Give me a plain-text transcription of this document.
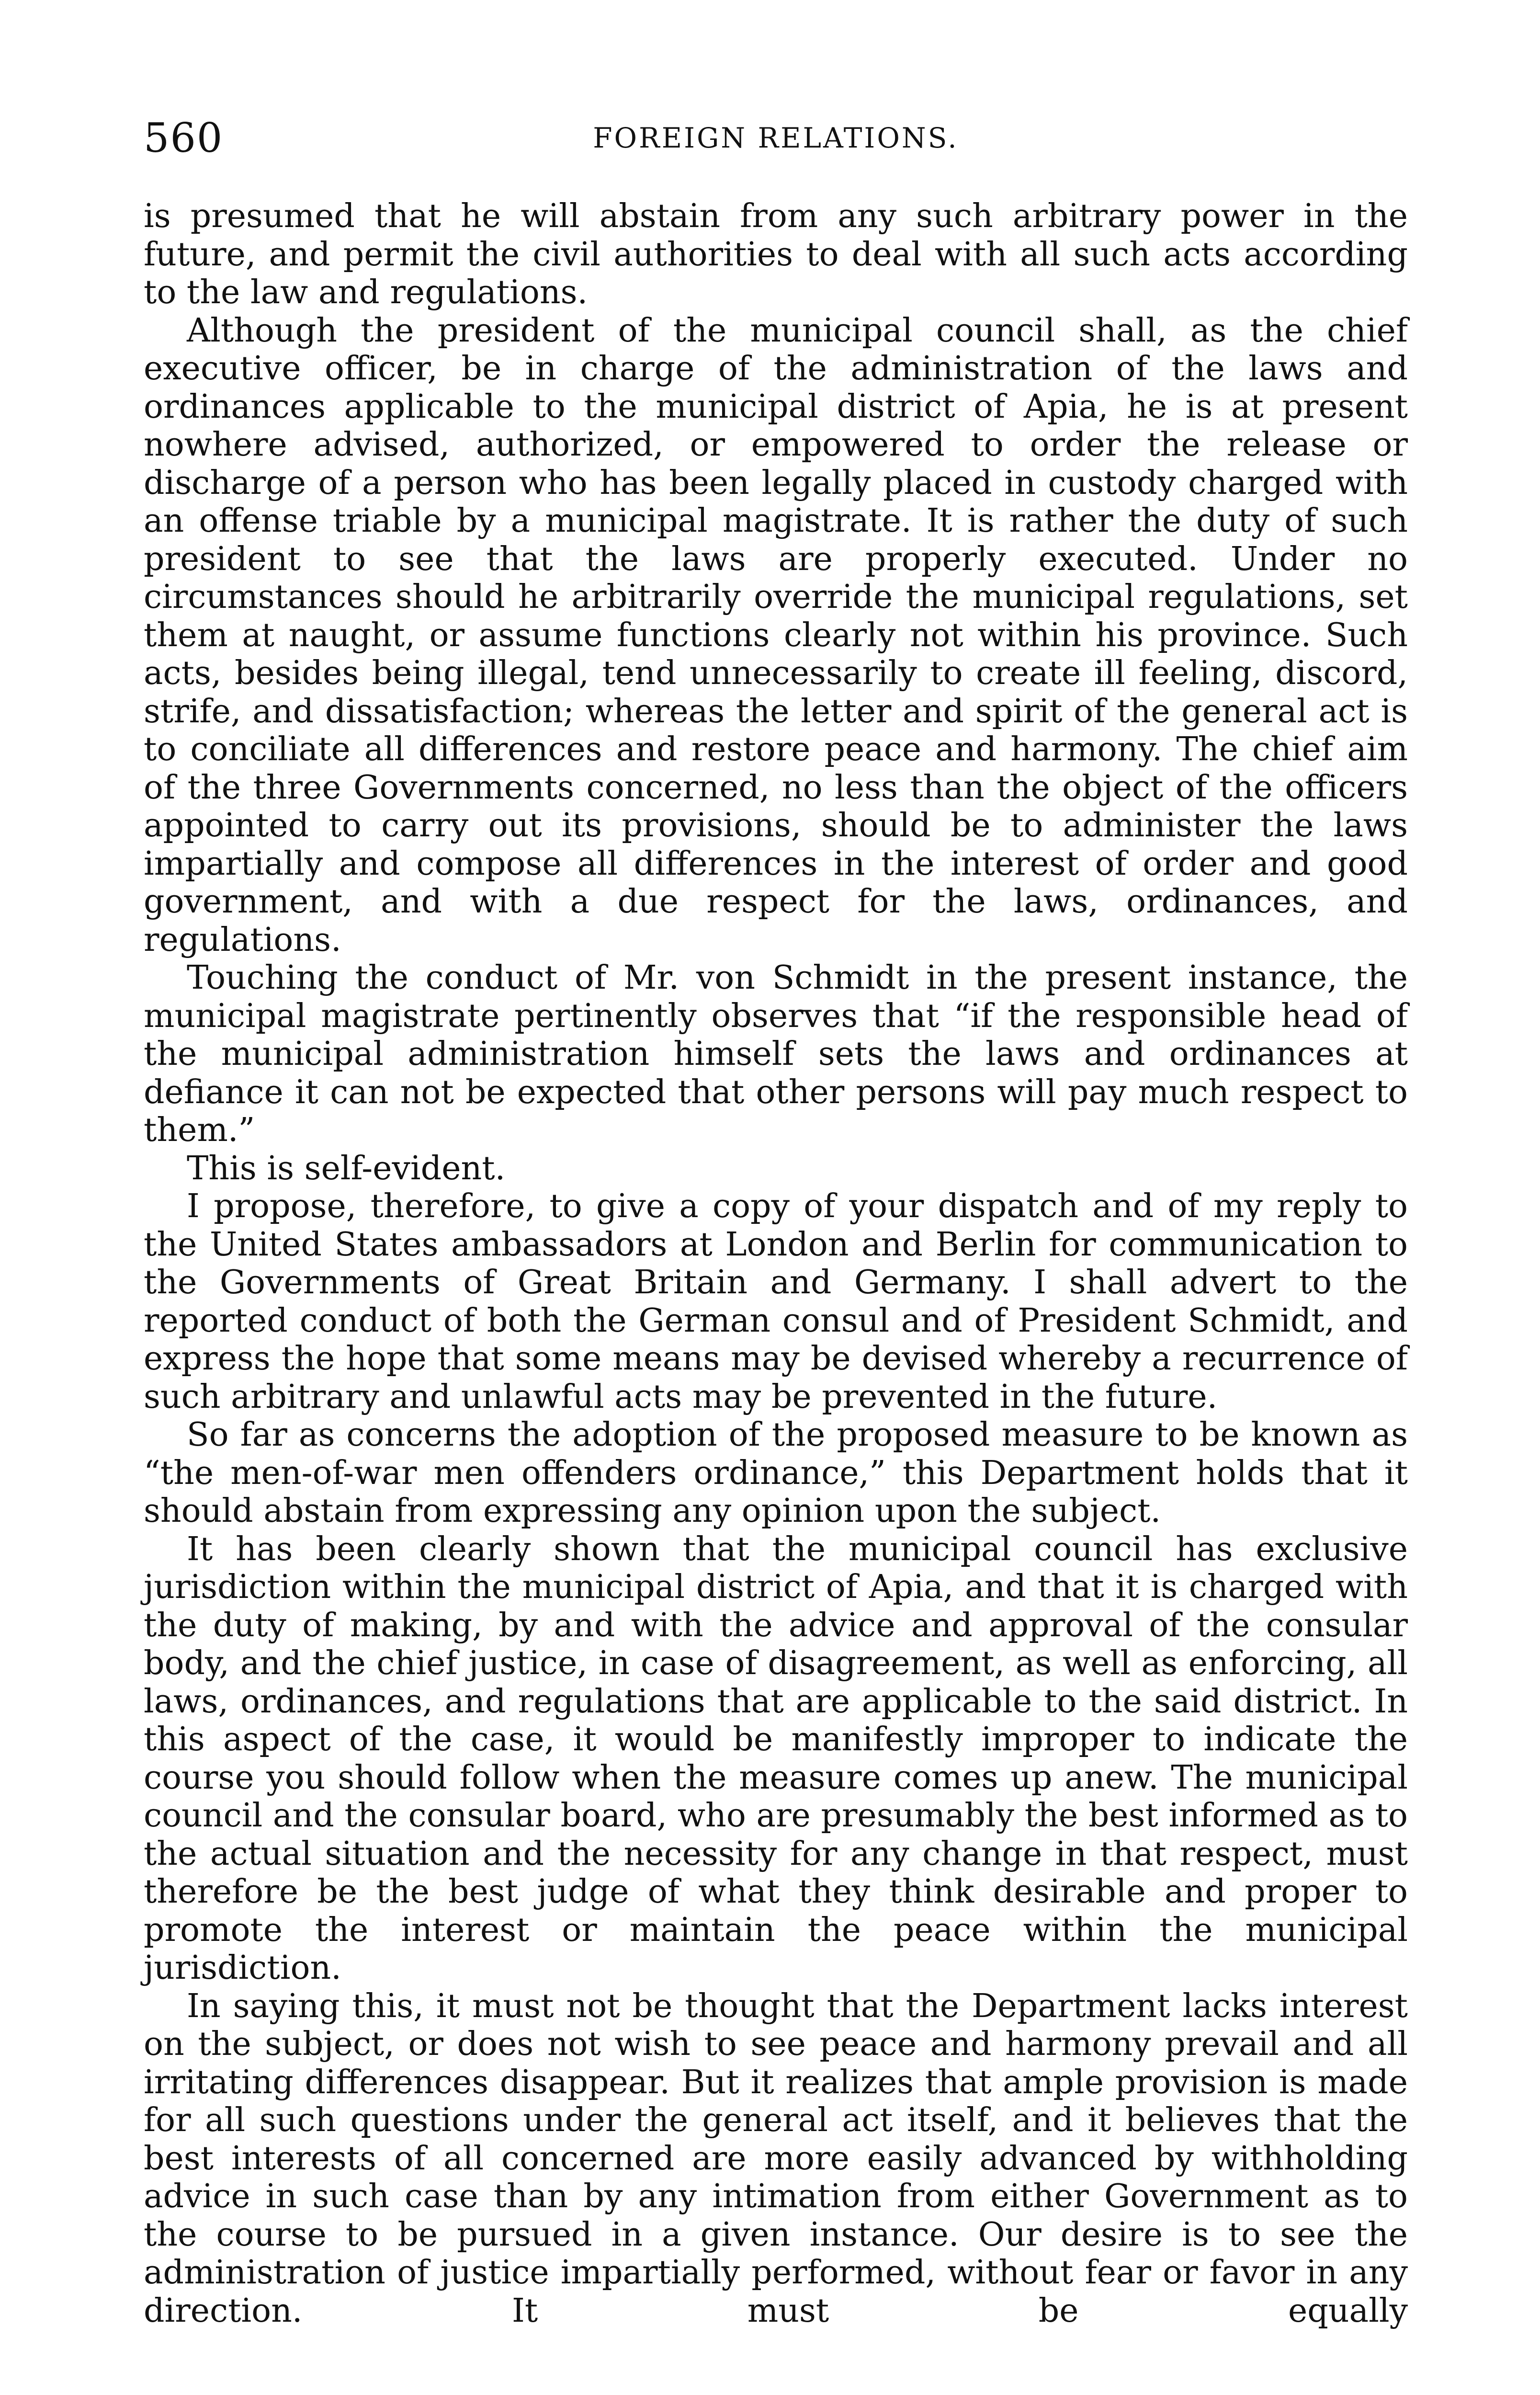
560	FOREIGN RELATIONS.

is presumed that he will abstain from any such arbitrary power in the future, and permit the civil authorities to deal with all such acts according to the law and regulations.

Although the president of the municipal council shall, as the chief executive officer, be in charge of the administration of the laws and ordinances applicable to the municipal district of Apia, he is at present nowhere advised, authorized, or empowered to order the release or discharge of a person who has been legally placed in custody charged with an offense triable by a municipal magistrate. It is rather the duty of such president to see that the laws are properly executed. Under no circumstances should he arbitrarily override the municipal regulations, set them at naught, or assume functions clearly not within his province. Such acts, besides being illegal, tend unnecessarily to create ill feeling, discord, strife, and dissatisfaction; whereas the letter and spirit of the general act is to conciliate all differences and restore peace and harmony. The chief aim of the three Governments concerned, no less than the object of the officers appointed to carry out its provisions, should be to administer the laws impartially and compose all differences in the interest of order and good government, and with a due respect for the laws, ordinances, and regulations.

Touching the conduct of Mr. von Schmidt in the present instance, the municipal magistrate pertinently observes that “if the responsible head of the municipal administration himself sets the laws and ordinances at defiance it can not be expected that other persons will pay much respect to them.”

This is self-evident.

I propose, therefore, to give a copy of your dispatch and of my reply to the United States ambassadors at London and Berlin for communication to the Governments of Great Britain and Germany. I shall advert to the reported conduct of both the German consul and of President Schmidt, and express the hope that some means may be devised whereby a recurrence of such arbitrary and unlawful acts may be prevented in the future.

So far as concerns the adoption of the proposed measure to be known as “the men-of-war men offenders ordinance,” this Department holds that it should abstain from expressing any opinion upon the subject.

It has been clearly shown that the municipal council has exclusive jurisdiction within the municipal district of Apia, and that it is charged with the duty of making, by and with the advice and approval of the consular body, and the chief justice, in case of disagreement, as well as enforcing, all laws, ordinances, and regulations that are applicable to the said district. In this aspect of the case, it would be manifestly improper to indicate the course you should follow when the measure comes up anew. The municipal council and the consular board, who are presumably the best informed as to the actual situation and the necessity for any change in that respect, must therefore be the best judge of what they think desirable and proper to promote the interest or maintain the peace within the municipal jurisdiction.

In saying this, it must not be thought that the Department lacks interest on the subject, or does not wish to see peace and harmony prevail and all irritating differences disappear. But it realizes that ample provision is made for all such questions under the general act itself, and it believes that the best interests of all concerned are more easily advanced by withholding advice in such case than by any intimation from either Government as to the course to be pursued in a given instance. Our desire is to see the administration of justice impartially performed, without fear or favor in any direction. It must be equally
